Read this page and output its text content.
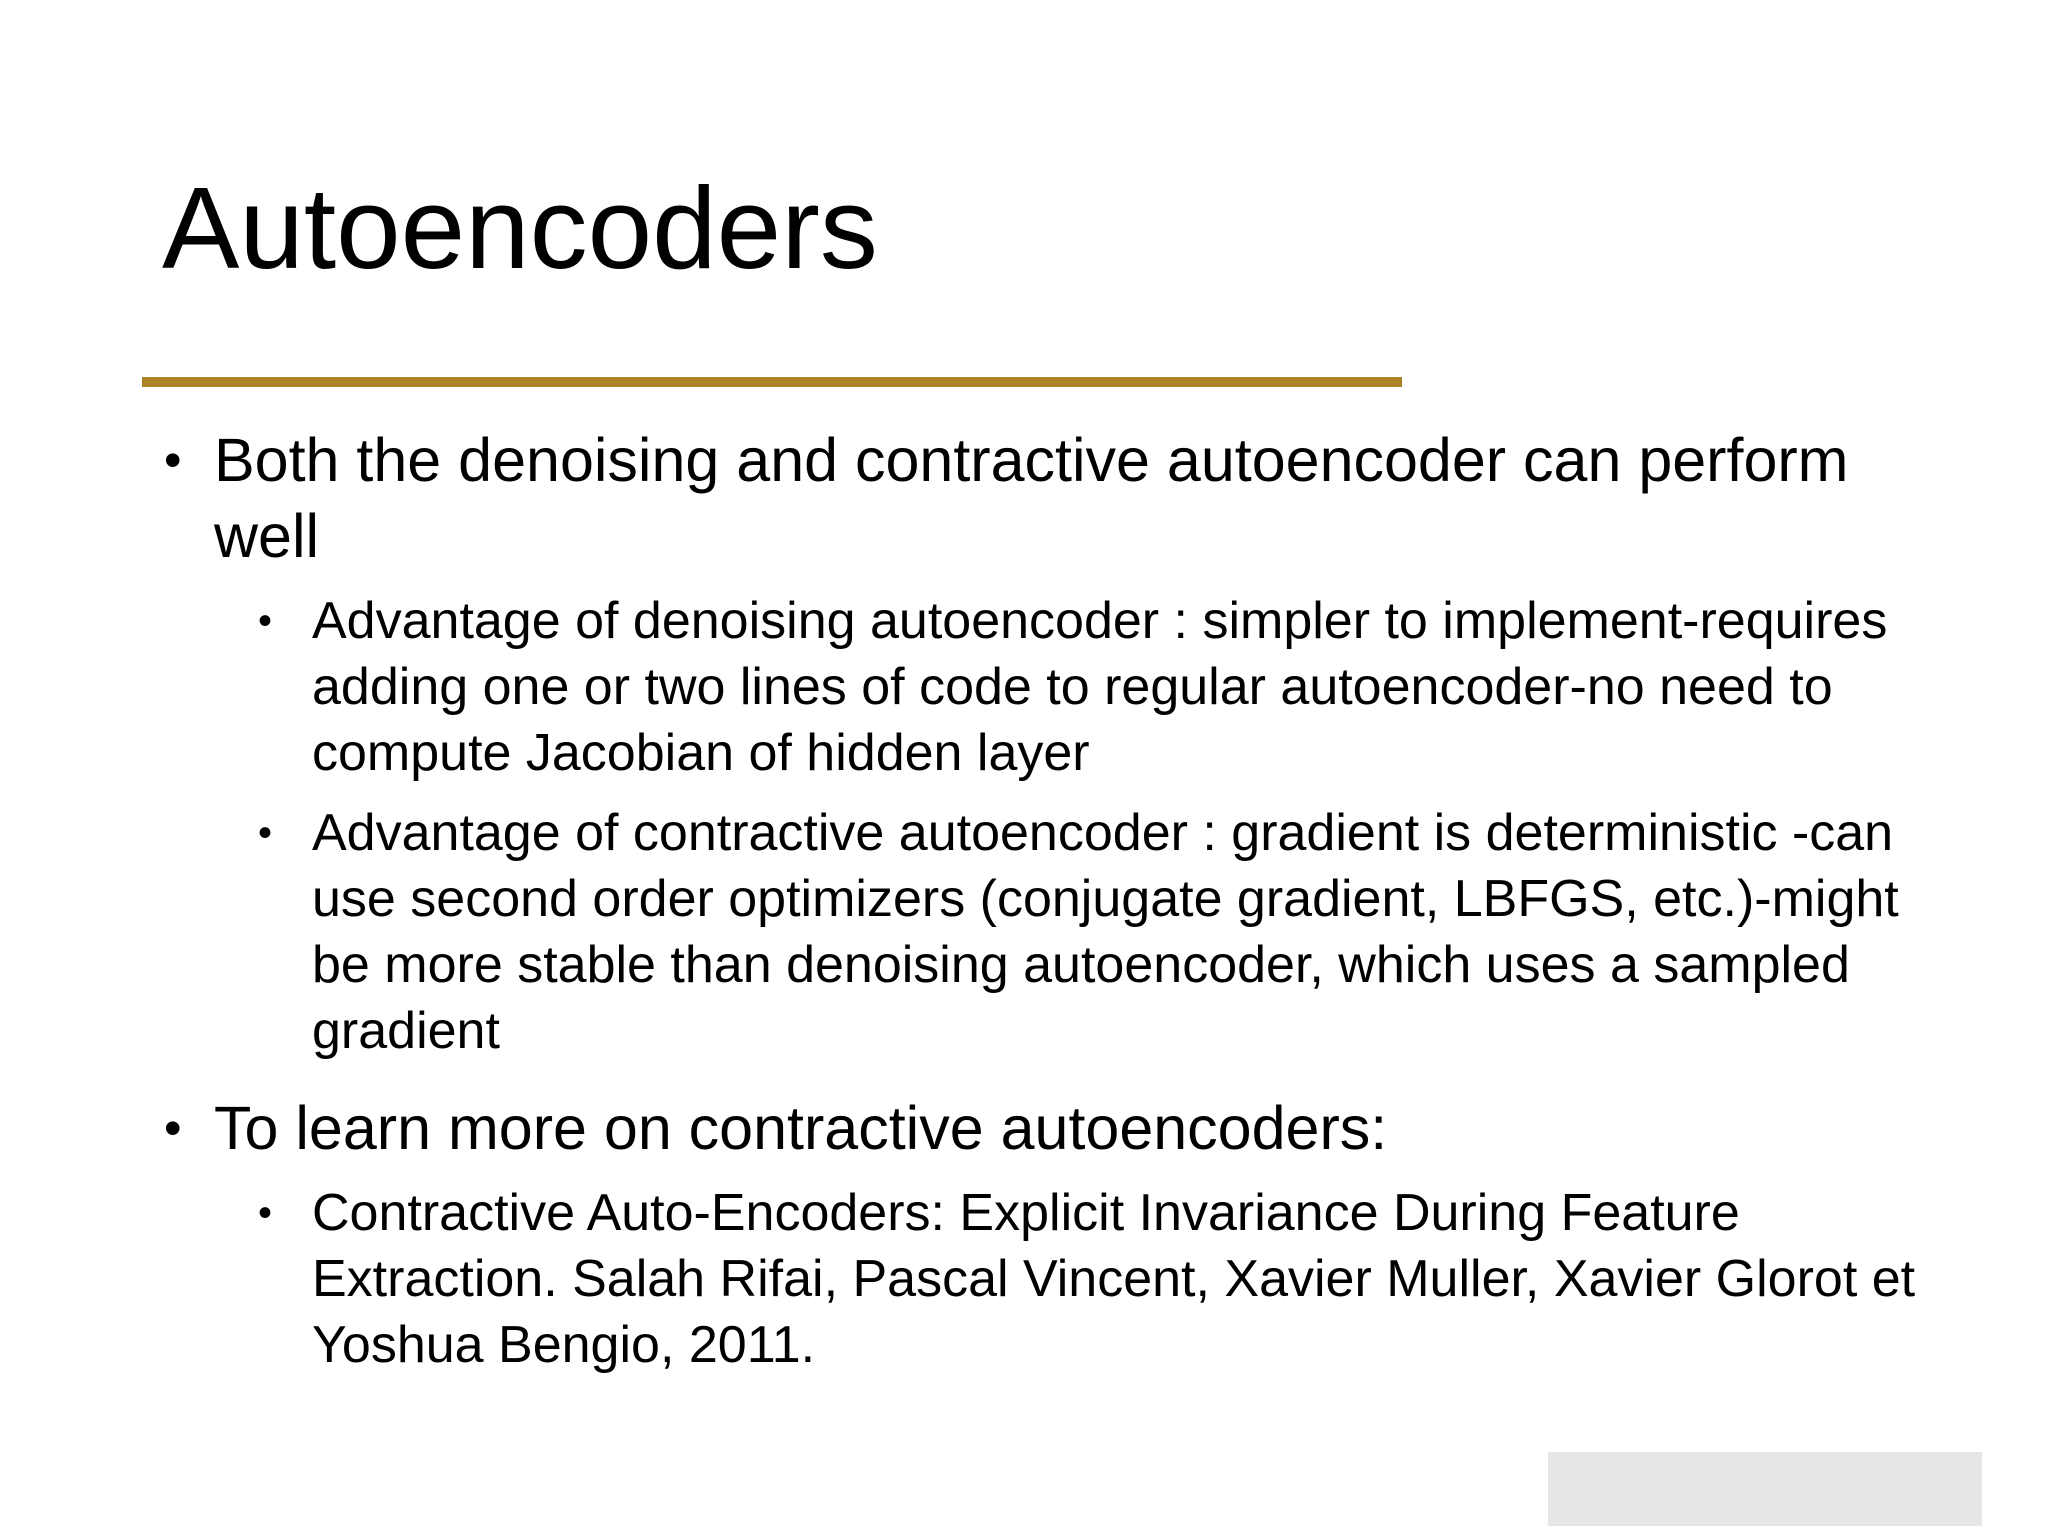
Autoencoders
• Both the denoising and contractive autoencoder can perform well
• Advantage of denoising autoencoder : simpler to implement-requires adding one or two lines of code to regular autoencoder-no need to compute Jacobian of hidden layer
• Advantage of contractive autoencoder : gradient is deterministic -can use second order optimizers (conjugate gradient, LBFGS, etc.)-might be more stable than denoising autoencoder, which uses a sampled gradient
• To learn more on contractive autoencoders:
• Contractive Auto-Encoders: Explicit Invariance During Feature Extraction. Salah Rifai, Pascal Vincent, Xavier Muller, Xavier Glorot et Yoshua Bengio, 2011.
